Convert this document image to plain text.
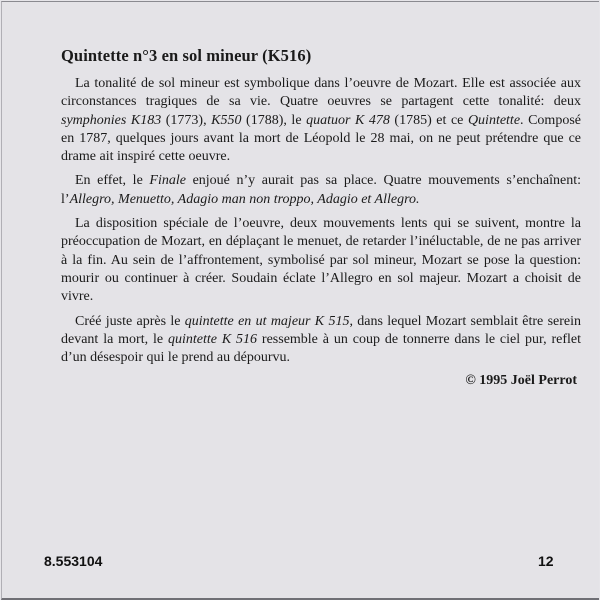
Quintette n°3 en sol mineur (K516)

La tonalité de sol mineur est symbolique dans l’oeuvre de Mozart. Elle est associée aux circonstances tragiques de sa vie. Quatre oeuvres se partagent cette tonalité: deux symphonies K183 (1773), K550 (1788), le quatuor K 478 (1785) et ce Quintette. Composé en 1787, quelques jours avant la mort de Léopold le 28 mai, on ne peut prétendre que ce drame ait inspiré cette oeuvre.

En effet, le Finale enjoué n’y aurait pas sa place. Quatre mouvements s’enchaînent: l’Allegro, Menuetto, Adagio man non troppo, Adagio et Allegro.

La disposition spéciale de l’oeuvre, deux mouvements lents qui se suivent, montre la préoccupation de Mozart, en déplaçant le menuet, de retarder l’inéluctable, de ne pas arriver à la fin. Au sein de l’affrontement, symbolisé par sol mineur, Mozart se pose la question: mourir ou continuer à créer. Soudain éclate l’Allegro en sol majeur. Mozart a choisit de vivre.

Créé juste après le quintette en ut majeur K 515, dans lequel Mozart semblait être serein devant la mort, le quintette K 516 ressemble à un coup de tonnerre dans le ciel pur, reflet d’un désespoir qui le prend au dépourvu.

© 1995 Joël Perrot
8.553104	12
